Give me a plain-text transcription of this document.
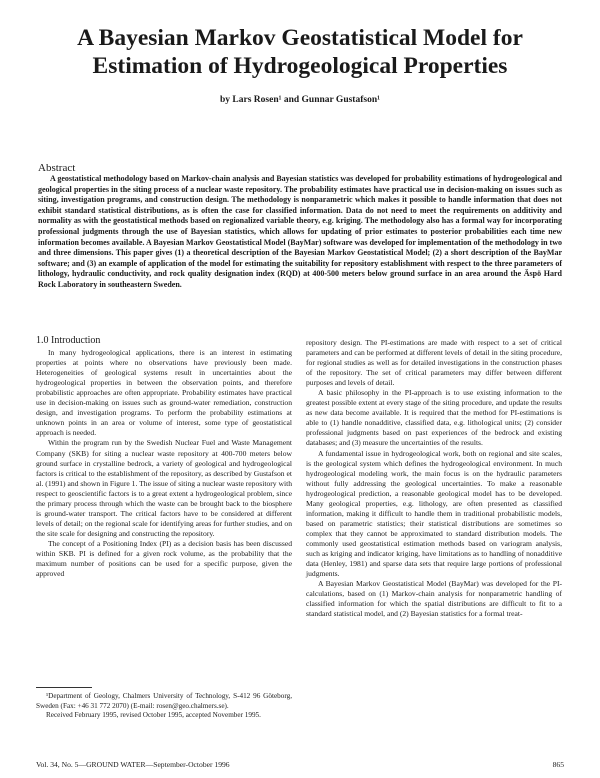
A Bayesian Markov Geostatistical Model for Estimation of Hydrogeological Properties

by Lars Rosen¹ and Gunnar Gustafson¹

Abstract

A geostatistical methodology based on Markov-chain analysis and Bayesian statistics was developed for probability estimations of hydrogeological and geological properties in the siting process of a nuclear waste repository. The probability estimates have practical use in decision-making on issues such as siting, investigation programs, and construction design. The methodology is nonparametric which makes it possible to handle information that does not exhibit standard statistical distributions, as is often the case for classified information. Data do not need to meet the requirements on additivity and normality as with the geostatistical methods based on regionalized variable theory, e.g. kriging. The methodology also has a formal way for incorporating professional judgments through the use of Bayesian statistics, which allows for updating of prior estimates to posterior probabilities each time new information becomes available. A Bayesian Markov Geostatistical Model (BayMar) software was developed for implementation of the methodology in two and three dimensions. This paper gives (1) a theoretical description of the Bayesian Markov Geostatistical Model; (2) a short description of the BayMar software; and (3) an example of application of the model for estimating the suitability for repository establishment with respect to the three parameters of lithology, hydraulic conductivity, and rock quality designation index (RQD) at 400-500 meters below ground surface in an area around the Äspö Hard Rock Laboratory in southeastern Sweden.

1.0 Introduction

In many hydrogeological applications, there is an interest in estimating properties at points where no observations have previously been made. Heterogeneities of geological systems result in uncertainties about the hydrogeological properties in between the observation points, and therefore probabilistic approaches are often appropriate. Probability estimates have practical use in decision-making on issues such as ground-water remediation, construction design, and investigation programs. To perform the probability estimations at unknown points in an area or volume of interest, some type of geostatistical approach is needed.

Within the program run by the Swedish Nuclear Fuel and Waste Management Company (SKB) for siting a nuclear waste repository at 400-700 meters below ground surface in crystalline bedrock, a variety of geological and hydrogeological factors is critical to the establishment of the repository, as described by Gustafson et al. (1991) and shown in Figure 1. The issue of siting a nuclear waste repository with respect to geoscientific factors is to a great extent a hydrogeological problem, since the primary process through which the waste can be brought back to the biosphere is ground-water transport. The critical factors have to be considered at different levels of detail; on the regional scale for identifying areas for further studies, and on the site scale for designing and constructing the repository.

The concept of a Positioning Index (PI) as a decision basis has been discussed within SKB. PI is defined for a given rock volume, as the probability that the maximum number of positions can be used for a specific purpose, given the approved

¹Department of Geology, Chalmers University of Technology, S-412 96 Göteborg, Sweden (Fax: +46 31 772 2070) (E-mail: rosen@geo.chalmers.se).

Received February 1995, revised October 1995, accepted November 1995.

repository design. The PI-estimations are made with respect to a set of critical parameters and can be performed at different levels of detail in the siting procedure, for regional studies as well as for detailed investigations in the construction phases of the repository. The set of critical parameters may differ between different purposes and levels of detail.

A basic philosophy in the PI-approach is to use existing information to the greatest possible extent at every stage of the siting procedure, and update the results as new data become available. It is required that the method for PI-estimations is able to (1) handle nonadditive, classified data, e.g. lithological units; (2) consider professional judgments based on past experiences of the bedrock and existing databases; and (3) measure the uncertainties of the results.

A fundamental issue in hydrogeological work, both on regional and site scales, is the geological system which defines the hydrogeological environment. In much hydrogeological modeling work, the main focus is on the hydraulic parameters without fully addressing the geological uncertainties. To make a reasonable hydrogeological prediction, a reasonable geological model has to be developed. Many geological properties, e.g. lithology, are often presented as classified information, making it difficult to handle them in traditional probabilistic models, based on parametric statistics; their statistical distributions are sometimes so complex that they cannot be approximated to standard distribution models. The commonly used geostatistical estimation methods based on variogram analysis, such as kriging and indicator kriging, have limitations as to handling of nonadditive data (Henley, 1981) and sparse data sets that require large portions of professional judgments.

A Bayesian Markov Geostatistical Model (BayMar) was developed for the PI-calculations, based on (1) Markov-chain analysis for nonparametric handling of classified information for which the spatial distributions are difficult to fit to a standard statistical model, and (2) Bayesian statistics for a formal treat-

Vol. 34, No. 5—GROUND WATER—September-October 1996	865
